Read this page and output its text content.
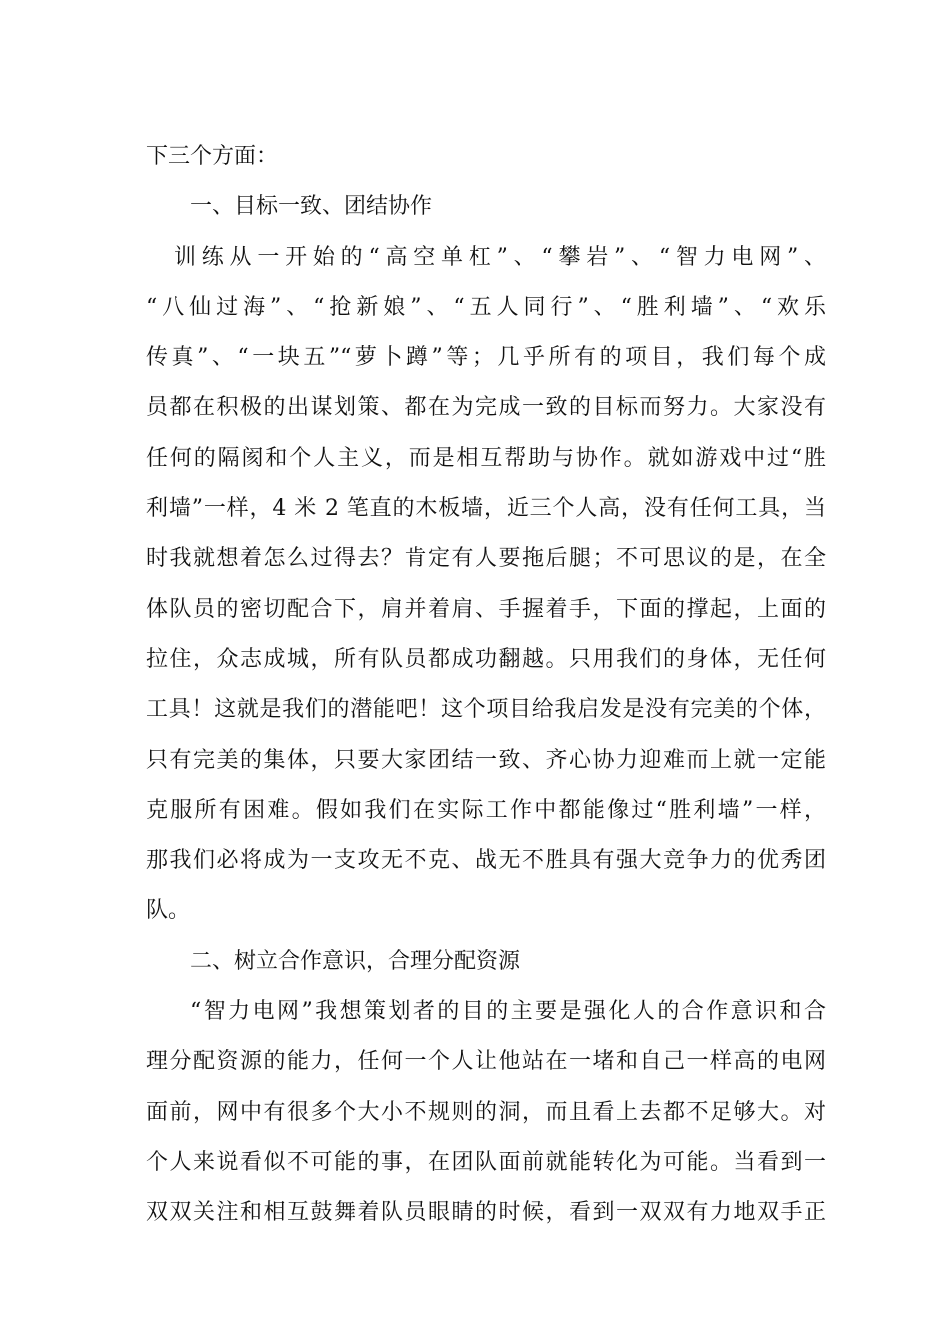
下三个方面：
一、目标一致、团结协作
训练从一开始的“高空单杠”、“攀岩”、“智力电网”、
“八仙过海”、“抢新娘”、“五人同行”、“胜利墙”、“欢乐
传真”、“一块五”“萝卜蹲”等；几乎所有的项目，我们每个成
员都在积极的出谋划策、都在为完成一致的目标而努力。大家没有
任何的隔阂和个人主义，而是相互帮助与协作。就如游戏中过“胜
利墙”一样，4 米 2 笔直的木板墙，近三个人高，没有任何工具，当
时我就想着怎么过得去？肯定有人要拖后腿；不可思议的是，在全
体队员的密切配合下，肩并着肩、手握着手，下面的撑起，上面的
拉住，众志成城，所有队员都成功翻越。只用我们的身体，无任何
工具！这就是我们的潜能吧！这个项目给我启发是没有完美的个体，
只有完美的集体，只要大家团结一致、齐心协力迎难而上就一定能
克服所有困难。假如我们在实际工作中都能像过“胜利墙”一样，
那我们必将成为一支攻无不克、战无不胜具有强大竞争力的优秀团
队。
二、树立合作意识，合理分配资源
“智力电网”我想策划者的目的主要是强化人的合作意识和合
理分配资源的能力，任何一个人让他站在一堵和自己一样高的电网
面前，网中有很多个大小不规则的洞，而且看上去都不足够大。对
个人来说看似不可能的事，在团队面前就能转化为可能。当看到一
双双关注和相互鼓舞着队员眼睛的时候，看到一双双有力地双手正
